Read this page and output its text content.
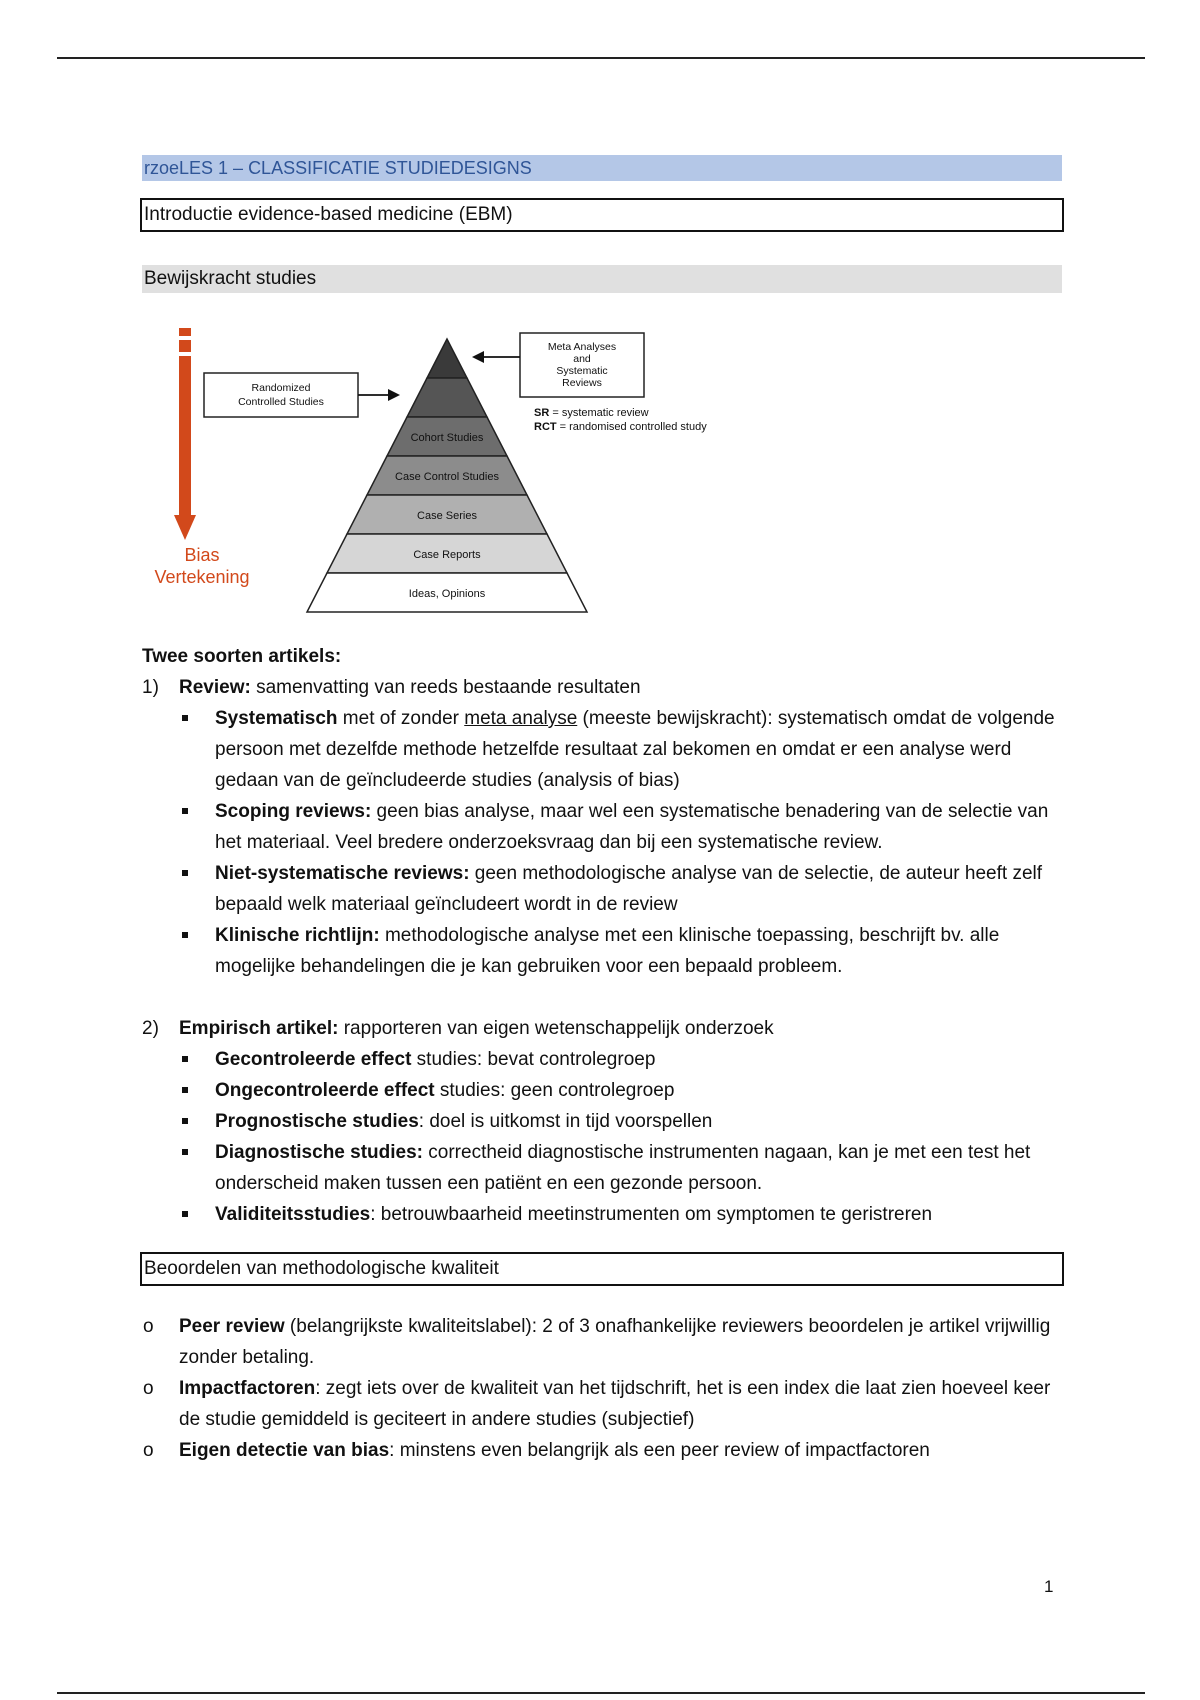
rzoeLES 1 – CLASSIFICATIE STUDIEDESIGNS
Introductie evidence-based medicine (EBM)
Bewijskracht studies
Cohort Studies
Case Control Studies
Case Series
Case Reports
Ideas, Opinions
Randomized
Controlled Studies
Meta Analyses
and
Systematic
Reviews
SR = systematic review
RCT = randomised controlled study
Bias
Vertekening

Twee soorten artikels:

1) Review: samenvatting van reeds bestaande resultaten
Systematisch met of zonder meta analyse (meeste bewijskracht): systematisch omdat de volgende persoon met dezelfde methode hetzelfde resultaat zal bekomen en omdat er een analyse werd gedaan van de geïncludeerde studies (analysis of bias)
Scoping reviews: geen bias analyse, maar wel een systematische benadering van de selectie van het materiaal. Veel bredere onderzoeksvraag dan bij een systematische review.
Niet-systematische reviews: geen methodologische analyse van de selectie, de auteur heeft zelf bepaald welk materiaal geïncludeert wordt in de review
Klinische richtlijn: methodologische analyse met een klinische toepassing, beschrijft bv. alle mogelijke behandelingen die je kan gebruiken voor een bepaald probleem.
2) Empirisch artikel: rapporteren van eigen wetenschappelijk onderzoek
Gecontroleerde effect studies: bevat controlegroep
Ongecontroleerde effect studies: geen controlegroep
Prognostische studies: doel is uitkomst in tijd voorspellen
Diagnostische studies: correctheid diagnostische instrumenten nagaan, kan je met een test het onderscheid maken tussen een patiënt en een gezonde persoon.
Validiteitsstudies: betrouwbaarheid meetinstrumenten om symptomen te geristreren
Beoordelen van methodologische kwaliteit
o Peer review (belangrijkste kwaliteitslabel): 2 of 3 onafhankelijke reviewers beoordelen je artikel vrijwillig zonder betaling.
o Impactfactoren: zegt iets over de kwaliteit van het tijdschrift, het is een index die laat zien hoeveel keer de studie gemiddeld is geciteert in andere studies (subjectief)
o Eigen detectie van bias: minstens even belangrijk als een peer review of impactfactoren
1
